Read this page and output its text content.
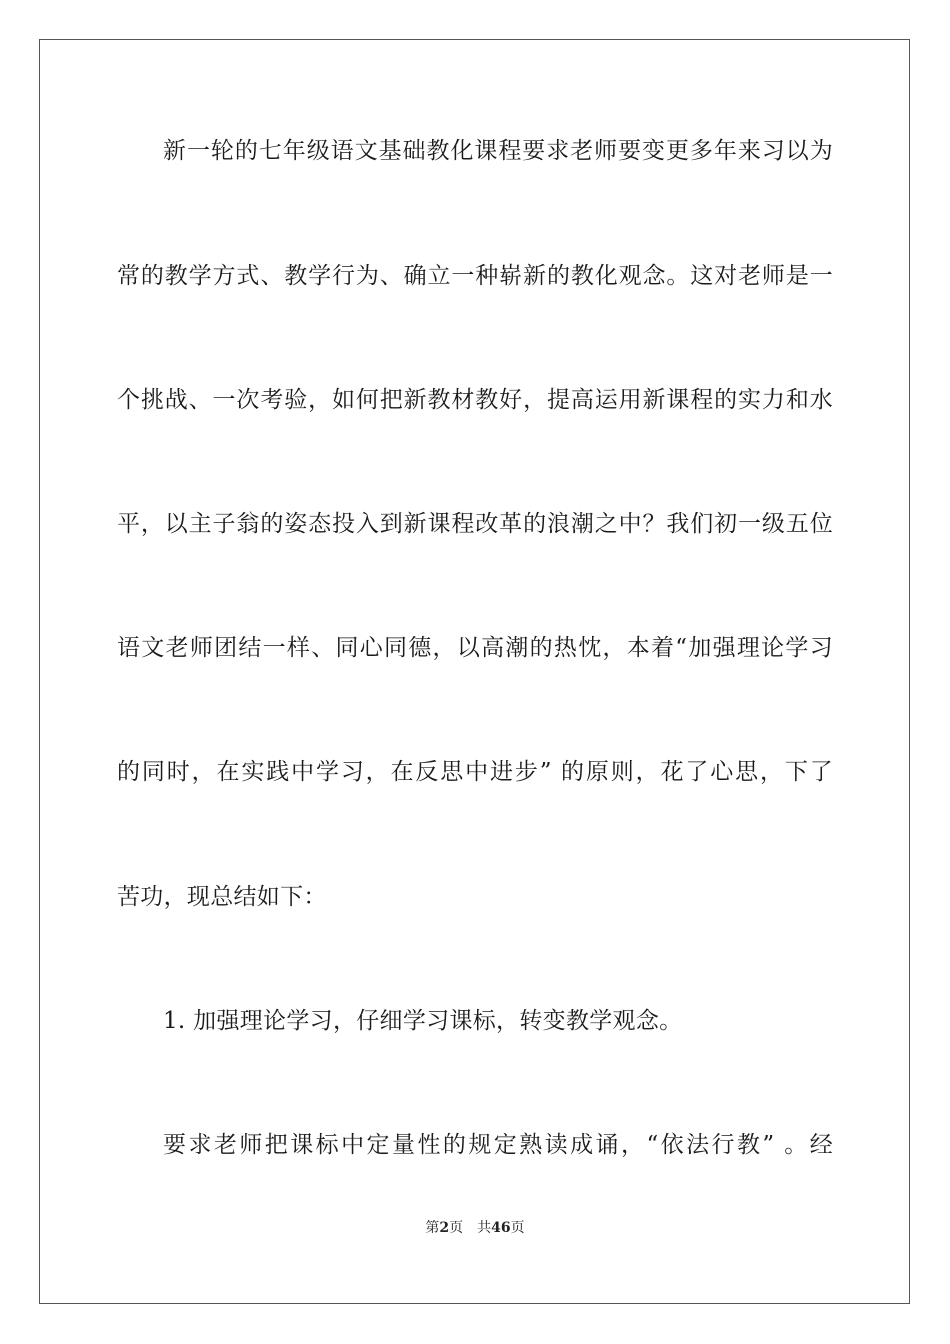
新一轮的七年级语文基础教化课程要求老师要变更多年来习以为
常的教学方式、教学行为、确立一种崭新的教化观念。这对老师是一
个挑战、一次考验，如何把新教材教好，提高运用新课程的实力和水
平，以主子翁的姿态投入到新课程改革的浪潮之中？我们初一级五位
语文老师团结一样、同心同德，以高潮的热忱，本着“加强理论学习
的同时，在实践中学习，在反思中进步” 的原则，花了心思，下了
苦功，现总结如下：
1. 加强理论学习，仔细学习课标，转变教学观念。
要求老师把课标中定量性的规定熟读成诵，“依法行教” 。经
第2页 共46页
